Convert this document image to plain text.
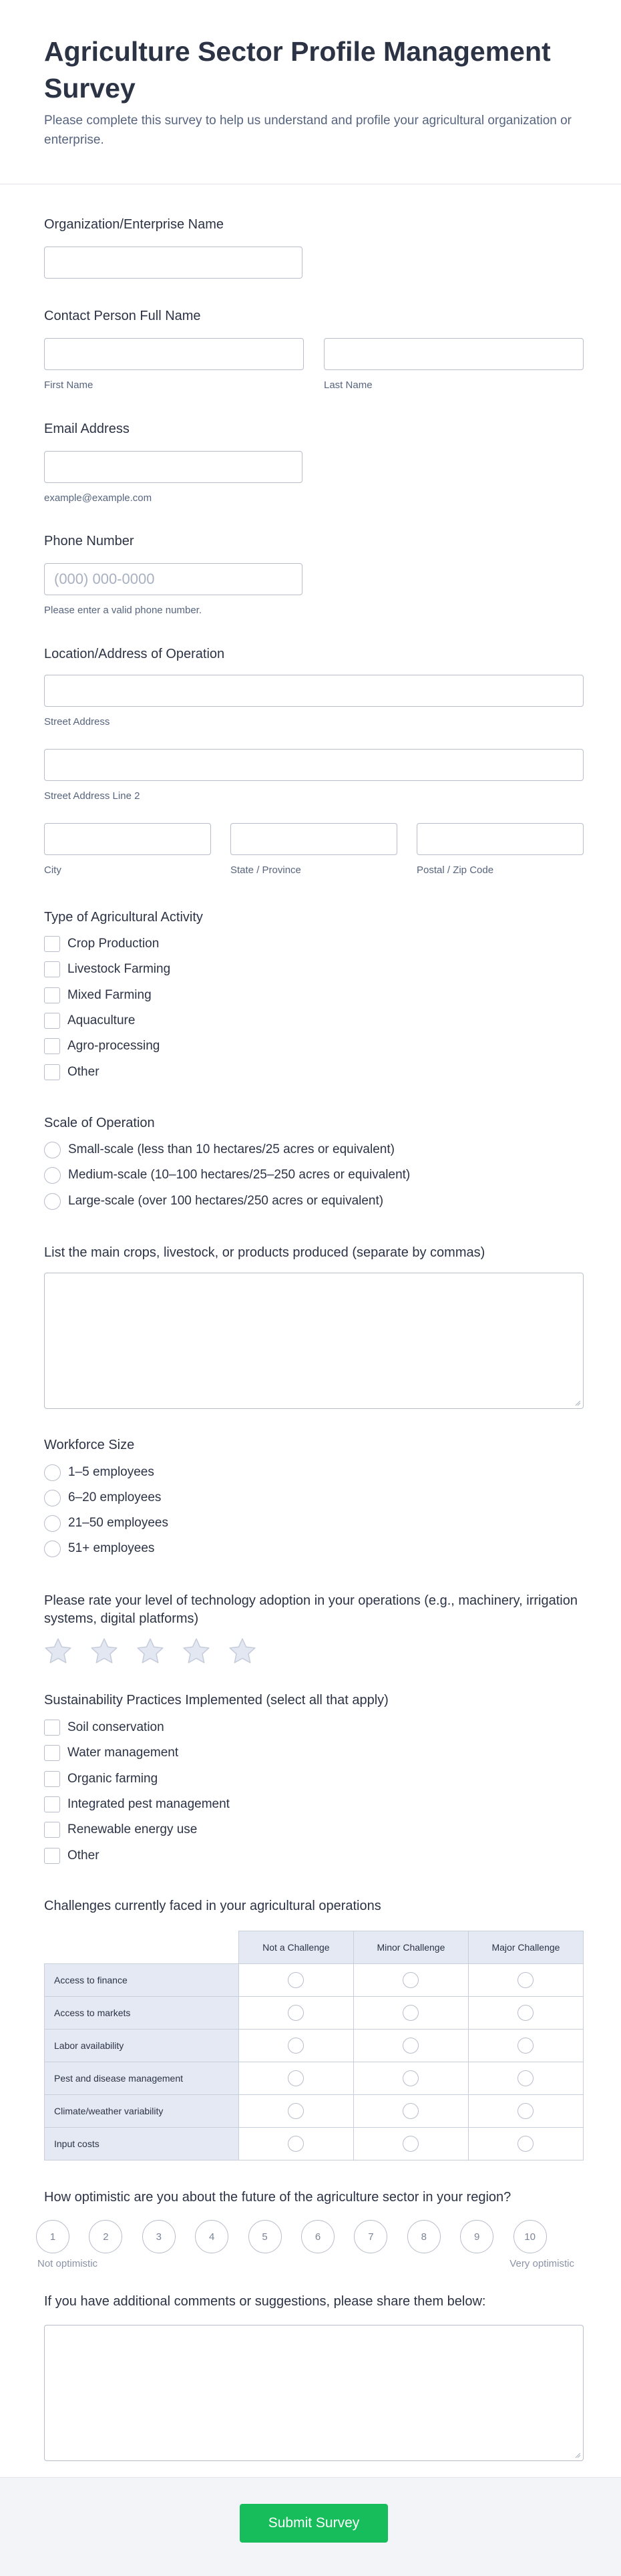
Agriculture Sector Profile Management Survey

Please complete this survey to help us understand and profile your agricultural organization or enterprise.

Organization/Enterprise Name
Contact Person Full Name
First Name	Last Name
Email Address
example@example.com
Phone Number
(000) 000-0000
Please enter a valid phone number.
Location/Address of Operation
Street Address
Street Address Line 2
City	State / Province	Postal / Zip Code
Type of Agricultural Activity
Crop Production
Livestock Farming
Mixed Farming
Aquaculture
Agro-processing
Other
Scale of Operation
Small-scale (less than 10 hectares/25 acres or equivalent)
Medium-scale (10–100 hectares/25–250 acres or equivalent)
Large-scale (over 100 hectares/250 acres or equivalent)
List the main crops, livestock, or products produced (separate by commas)
Workforce Size
1–5 employees
6–20 employees
21–50 employees
51+ employees
Please rate your level of technology adoption in your operations (e.g., machinery, irrigation systems, digital platforms)
Sustainability Practices Implemented (select all that apply)
Soil conservation
Water management
Organic farming
Integrated pest management
Renewable energy use
Other
Challenges currently faced in your agricultural operations
	Not a Challenge	Minor Challenge	Major Challenge
Access to finance			
Access to markets			
Labor availability			
Pest and disease management			
Climate/weather variability			
Input costs			
How optimistic are you about the future of the agriculture sector in your region?
1	2	3	4	5	6	7	8	9	10
Not optimistic	Very optimistic
If you have additional comments or suggestions, please share them below:
Submit Survey
